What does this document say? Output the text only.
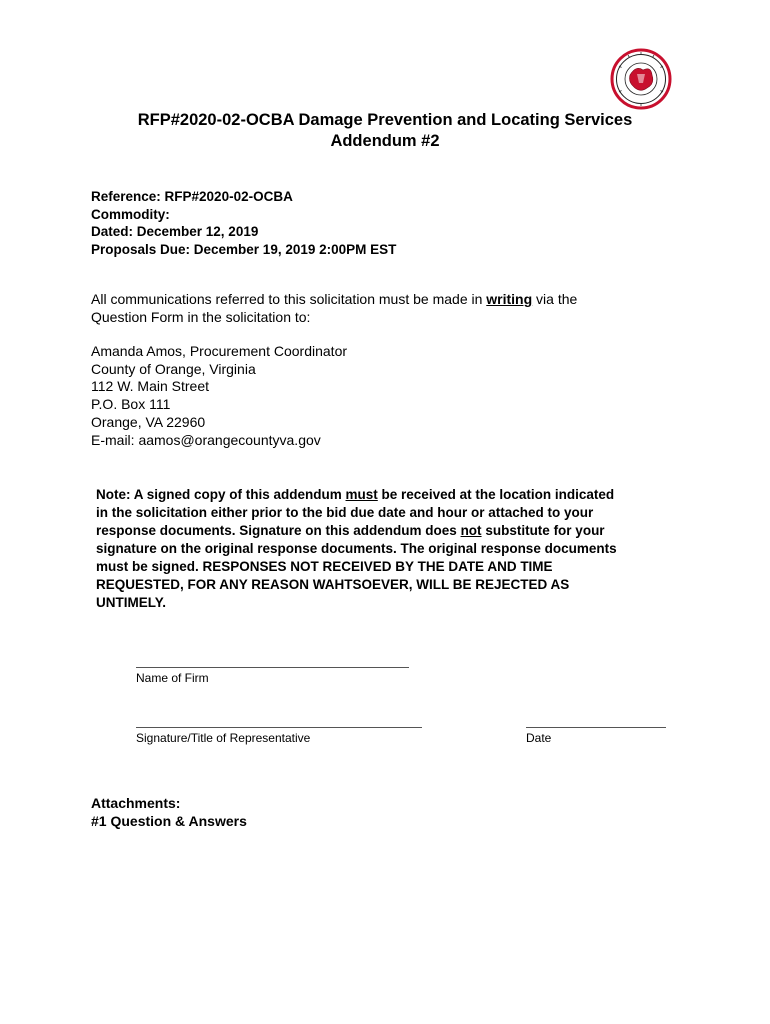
RFP#2020-02-OCBA Damage Prevention and Locating Services
Addendum #2
Reference: RFP#2020-02-OCBA
Commodity:
Dated: December 12, 2019
Proposals Due: December 19, 2019 2:00PM EST
All communications referred to this solicitation must be made in writing via the
Question Form in the solicitation to:
Amanda Amos, Procurement Coordinator
County of Orange, Virginia
112 W. Main Street
P.O. Box 111
Orange, VA 22960
E-mail: aamos@orangecountyva.gov
Note: A signed copy of this addendum must be received at the location indicated
in the solicitation either prior to the bid due date and hour or attached to your
response documents. Signature on this addendum does not substitute for your
signature on the original response documents. The original response documents
must be signed. RESPONSES NOT RECEIVED BY THE DATE AND TIME
REQUESTED, FOR ANY REASON WAHTSOEVER, WILL BE REJECTED AS
UNTIMELY.
Name of Firm
Signature/Title of Representative	Date
Attachments:
#1 Question & Answers
